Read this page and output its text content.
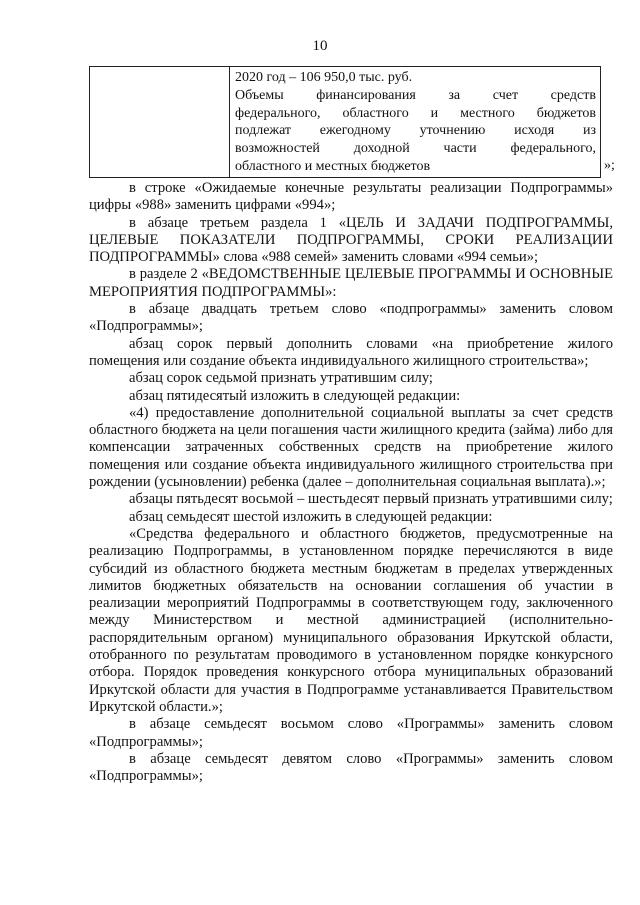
10
2020 год – 106 950,0 тыс. руб.
Объемы финансирования за счет средств
федерального, областного и местного бюджетов
подлежат ежегодному уточнению исходя из
возможностей доходной части федерального,
областного и местных бюджетов	»;

в строке «Ожидаемые конечные результаты реализации Подпрограммы» цифры «988» заменить цифрами «994»;

в абзаце третьем раздела 1 «ЦЕЛЬ И ЗАДАЧИ ПОДПРОГРАММЫ, ЦЕЛЕВЫЕ ПОКАЗАТЕЛИ ПОДПРОГРАММЫ, СРОКИ РЕАЛИЗАЦИИ ПОДПРОГРАММЫ» слова «988 семей» заменить словами «994 семьи»;

в разделе 2 «ВЕДОМСТВЕННЫЕ ЦЕЛЕВЫЕ ПРОГРАММЫ И ОСНОВНЫЕ МЕРОПРИЯТИЯ ПОДПРОГРАММЫ»:

в абзаце двадцать третьем слово «подпрограммы» заменить словом «Подпрограммы»;

абзац сорок первый дополнить словами «на приобретение жилого помещения или создание объекта индивидуального жилищного строительства»;

абзац сорок седьмой признать утратившим силу;

абзац пятидесятый изложить в следующей редакции:

«4) предоставление дополнительной социальной выплаты за счет средств областного бюджета на цели погашения части жилищного кредита (займа) либо для компенсации затраченных собственных средств на приобретение жилого помещения или создание объекта индивидуального жилищного строительства при рождении (усыновлении) ребенка (далее – дополнительная социальная выплата).»;

абзацы пятьдесят восьмой – шестьдесят первый признать утратившими силу;

абзац семьдесят шестой изложить в следующей редакции:

«Средства федерального и областного бюджетов, предусмотренные на реализацию Подпрограммы, в установленном порядке перечисляются в виде субсидий из областного бюджета местным бюджетам в пределах утвержденных лимитов бюджетных обязательств на основании соглашения об участии в реализации мероприятий Подпрограммы в соответствующем году, заключенного между Министерством и местной администрацией (исполнительно-распорядительным органом) муниципального образования Иркутской области, отобранного по результатам проводимого в установленном порядке конкурсного отбора. Порядок проведения конкурсного отбора муниципальных образований Иркутской области для участия в Подпрограмме устанавливается Правительством Иркутской области.»;

в абзаце семьдесят восьмом слово «Программы» заменить словом «Подпрограммы»;

в абзаце семьдесят девятом слово «Программы» заменить словом «Подпрограммы»;
